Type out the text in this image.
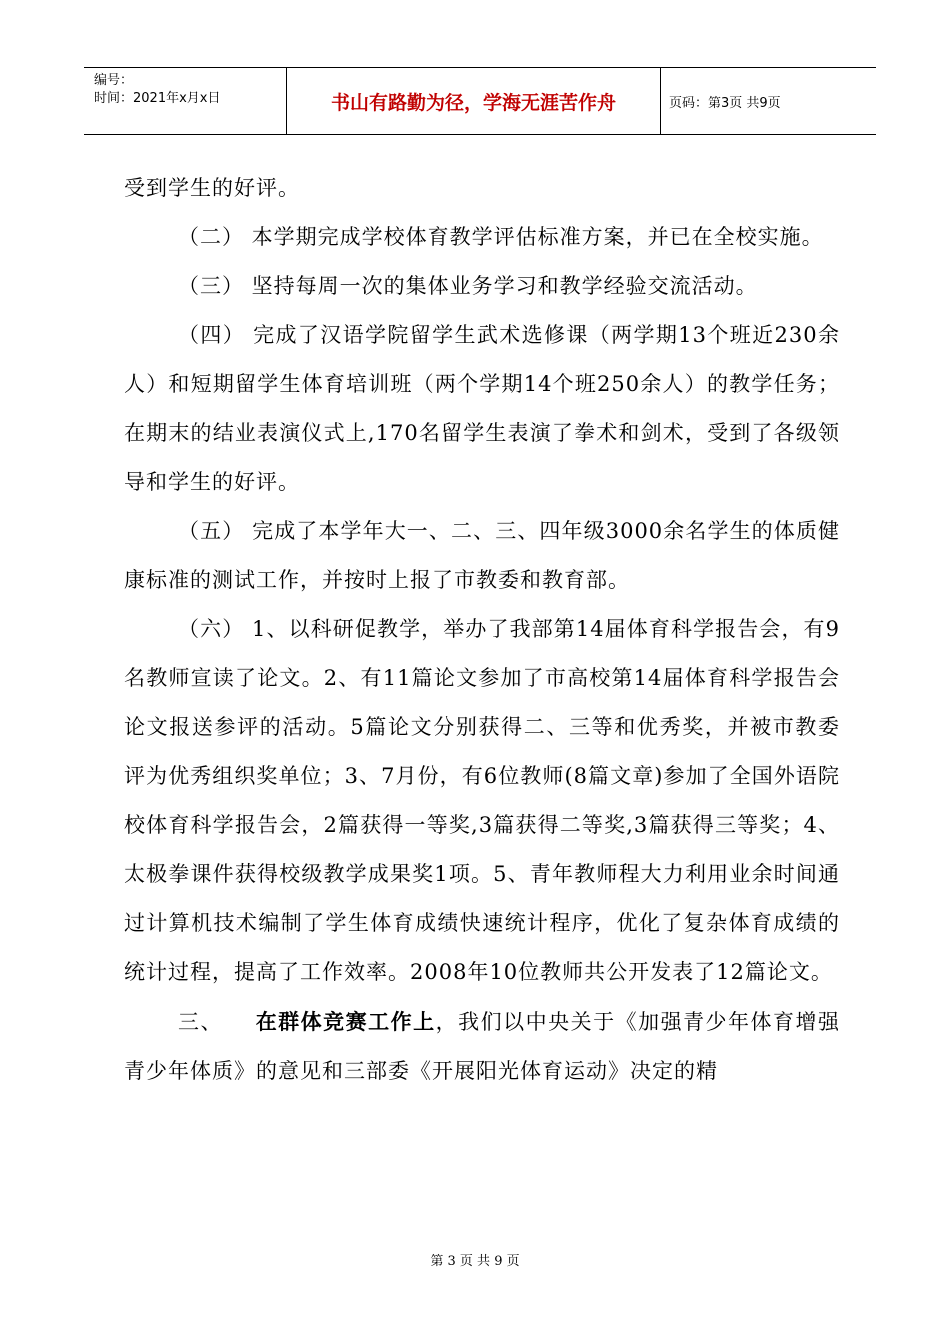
编号：
时间：2021年x月x日	书山有路勤为径，学海无涯苦作舟	页码：第3页 共9页

受到学生的好评。

（二） 本学期完成学校体育教学评估标准方案，并已在全校实施。

（三） 坚持每周一次的集体业务学习和教学经验交流活动。

（四） 完成了汉语学院留学生武术选修课（两学期13个班近230余人）和短期留学生体育培训班（两个学期14个班250余人）的教学任务；在期末的结业表演仪式上,170名留学生表演了拳术和剑术，受到了各级领导和学生的好评。

（五） 完成了本学年大一、二、三、四年级3000余名学生的体质健康标准的测试工作，并按时上报了市教委和教育部。

（六） 1、以科研促教学，举办了我部第14届体育科学报告会，有9名教师宣读了论文。2、有11篇论文参加了市高校第14届体育科学报告会论文报送参评的活动。5篇论文分别获得二、三等和优秀奖，并被市教委评为优秀组织奖单位；3、7月份，有6位教师(8篇文章)参加了全国外语院校体育科学报告会，2篇获得一等奖,3篇获得二等奖,3篇获得三等奖；4、太极拳课件获得校级教学成果奖1项。5、青年教师程大力利用业余时间通过计算机技术编制了学生体育成绩快速统计程序，优化了复杂体育成绩的统计过程，提高了工作效率。2008年10位教师共公开发表了12篇论文。

三、 在群体竞赛工作上，我们以中央关于《加强青少年体育增强青少年体质》的意见和三部委《开展阳光体育运动》决定的精

第 3 页 共 9 页
